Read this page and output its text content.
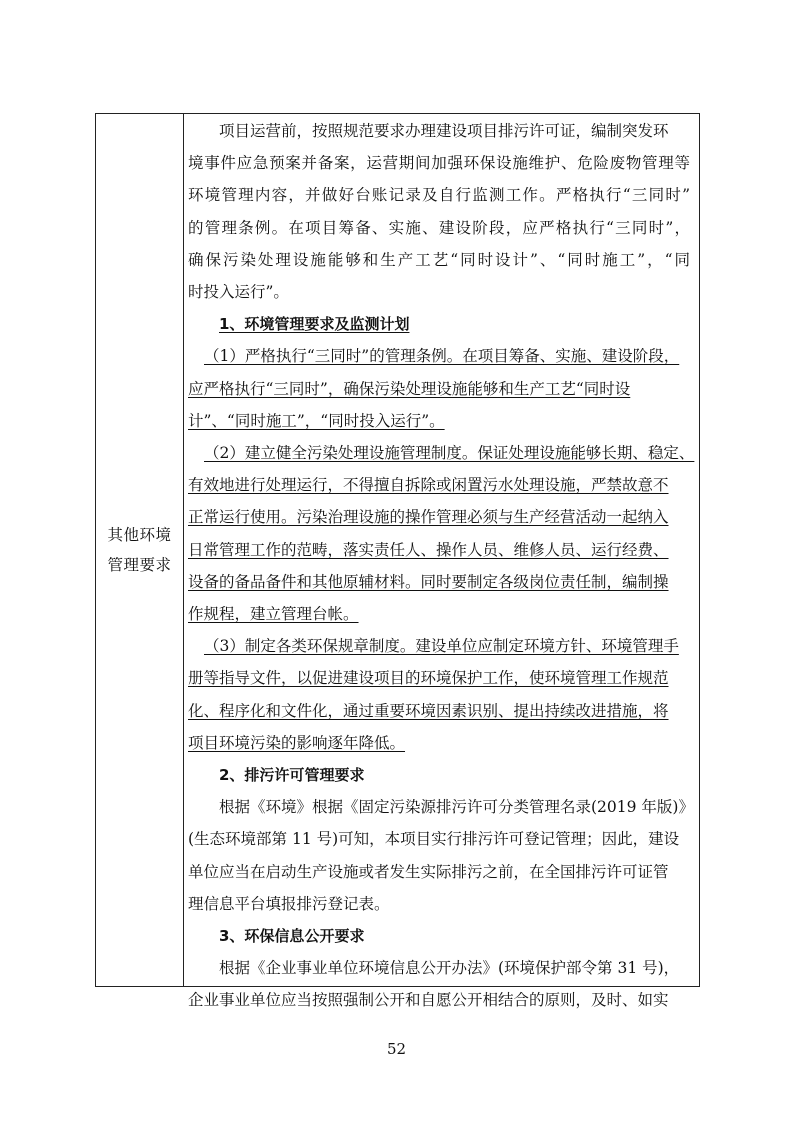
其他环境
管理要求

项目运营前，按照规范要求办理建设项目排污许可证，编制突发环
境事件应急预案并备案，运营期间加强环保设施维护、危险废物管理等
环境管理内容，并做好台账记录及自行监测工作。严格执行“三同时”
的管理条例。在项目筹备、实施、建设阶段，应严格执行“三同时”，
确保污染处理设施能够和生产工艺“同时设计”、“同时施工”，“同
时投入运行”。

1、环境管理要求及监测计划

（1）严格执行“三同时”的管理条例。在项目筹备、实施、建设阶段，
应严格执行“三同时”，确保污染处理设施能够和生产工艺“同时设
计”、“同时施工”，“同时投入运行”。

（2）建立健全污染处理设施管理制度。保证处理设施能够长期、稳定、
有效地进行处理运行，不得擅自拆除或闲置污水处理设施，严禁故意不
正常运行使用。污染治理设施的操作管理必须与生产经营活动一起纳入
日常管理工作的范畴，落实责任人、操作人员、维修人员、运行经费、
设备的备品备件和其他原辅材料。同时要制定各级岗位责任制，编制操
作规程，建立管理台帐。

（3）制定各类环保规章制度。建设单位应制定环境方针、环境管理手
册等指导文件，以促进建设项目的环境保护工作，使环境管理工作规范
化、程序化和文件化，通过重要环境因素识别、提出持续改进措施，将
项目环境污染的影响逐年降低。

2、排污许可管理要求

根据《环境》根据《固定污染源排污许可分类管理名录(2019 年版)》
(生态环境部第 11 号)可知，本项目实行排污许可登记管理；因此，建设
单位应当在启动生产设施或者发生实际排污之前，在全国排污许可证管
理信息平台填报排污登记表。

3、环保信息公开要求

根据《企业事业单位环境信息公开办法》(环境保护部令第 31 号)，
企业事业单位应当按照强制公开和自愿公开相结合的原则，及时、如实

52
